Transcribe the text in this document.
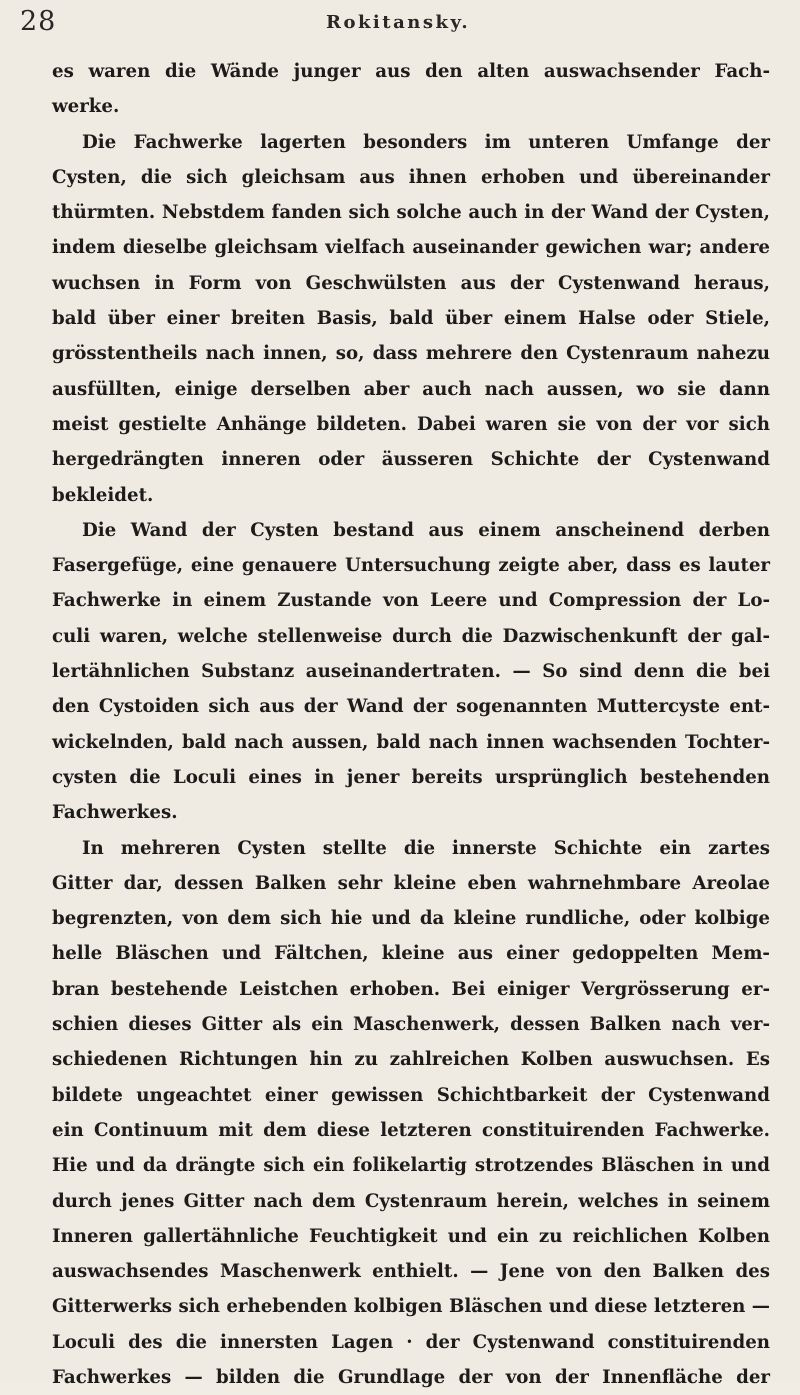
28	Rokitansky.
es waren die Wände junger aus den alten auswachsender Fach-
werke.
Die Fachwerke lagerten besonders im unteren Umfange der
Cysten, die sich gleichsam aus ihnen erhoben und übereinander
thürmten. Nebstdem fanden sich solche auch in der Wand der Cysten,
indem dieselbe gleichsam vielfach auseinander gewichen war; andere
wuchsen in Form von Geschwülsten aus der Cystenwand heraus,
bald über einer breiten Basis, bald über einem Halse oder Stiele,
grösstentheils nach innen, so, dass mehrere den Cystenraum nahezu
ausfüllten, einige derselben aber auch nach aussen, wo sie dann
meist gestielte Anhänge bildeten. Dabei waren sie von der vor sich
hergedrängten inneren oder äusseren Schichte der Cystenwand
bekleidet.
Die Wand der Cysten bestand aus einem anscheinend derben
Fasergefüge, eine genauere Untersuchung zeigte aber, dass es lauter
Fachwerke in einem Zustande von Leere und Compression der Lo-
culi waren, welche stellenweise durch die Dazwischenkunft der gal-
lertähnlichen Substanz auseinandertraten. — So sind denn die bei
den Cystoiden sich aus der Wand der sogenannten Muttercyste ent-
wickelnden, bald nach aussen, bald nach innen wachsenden Tochter-
cysten die Loculi eines in jener bereits ursprünglich bestehenden
Fachwerkes.
In mehreren Cysten stellte die innerste Schichte ein zartes
Gitter dar, dessen Balken sehr kleine eben wahrnehmbare Areolae
begrenzten, von dem sich hie und da kleine rundliche, oder kolbige
helle Bläschen und Fältchen, kleine aus einer gedoppelten Mem-
bran bestehende Leistchen erhoben. Bei einiger Vergrösserung er-
schien dieses Gitter als ein Maschenwerk, dessen Balken nach ver-
schiedenen Richtungen hin zu zahlreichen Kolben auswuchsen. Es
bildete ungeachtet einer gewissen Schichtbarkeit der Cystenwand
ein Continuum mit dem diese letzteren constituirenden Fachwerke.
Hie und da drängte sich ein folikelartig strotzendes Bläschen in und
durch jenes Gitter nach dem Cystenraum herein, welches in seinem
Inneren gallertähnliche Feuchtigkeit und ein zu reichlichen Kolben
auswachsendes Maschenwerk enthielt. — Jene von den Balken des
Gitterwerks sich erhebenden kolbigen Bläschen und diese letzteren —
Loculi des die innersten Lagen · der Cystenwand constituirenden
Fachwerkes — bilden die Grundlage der von der Innenfläche der
